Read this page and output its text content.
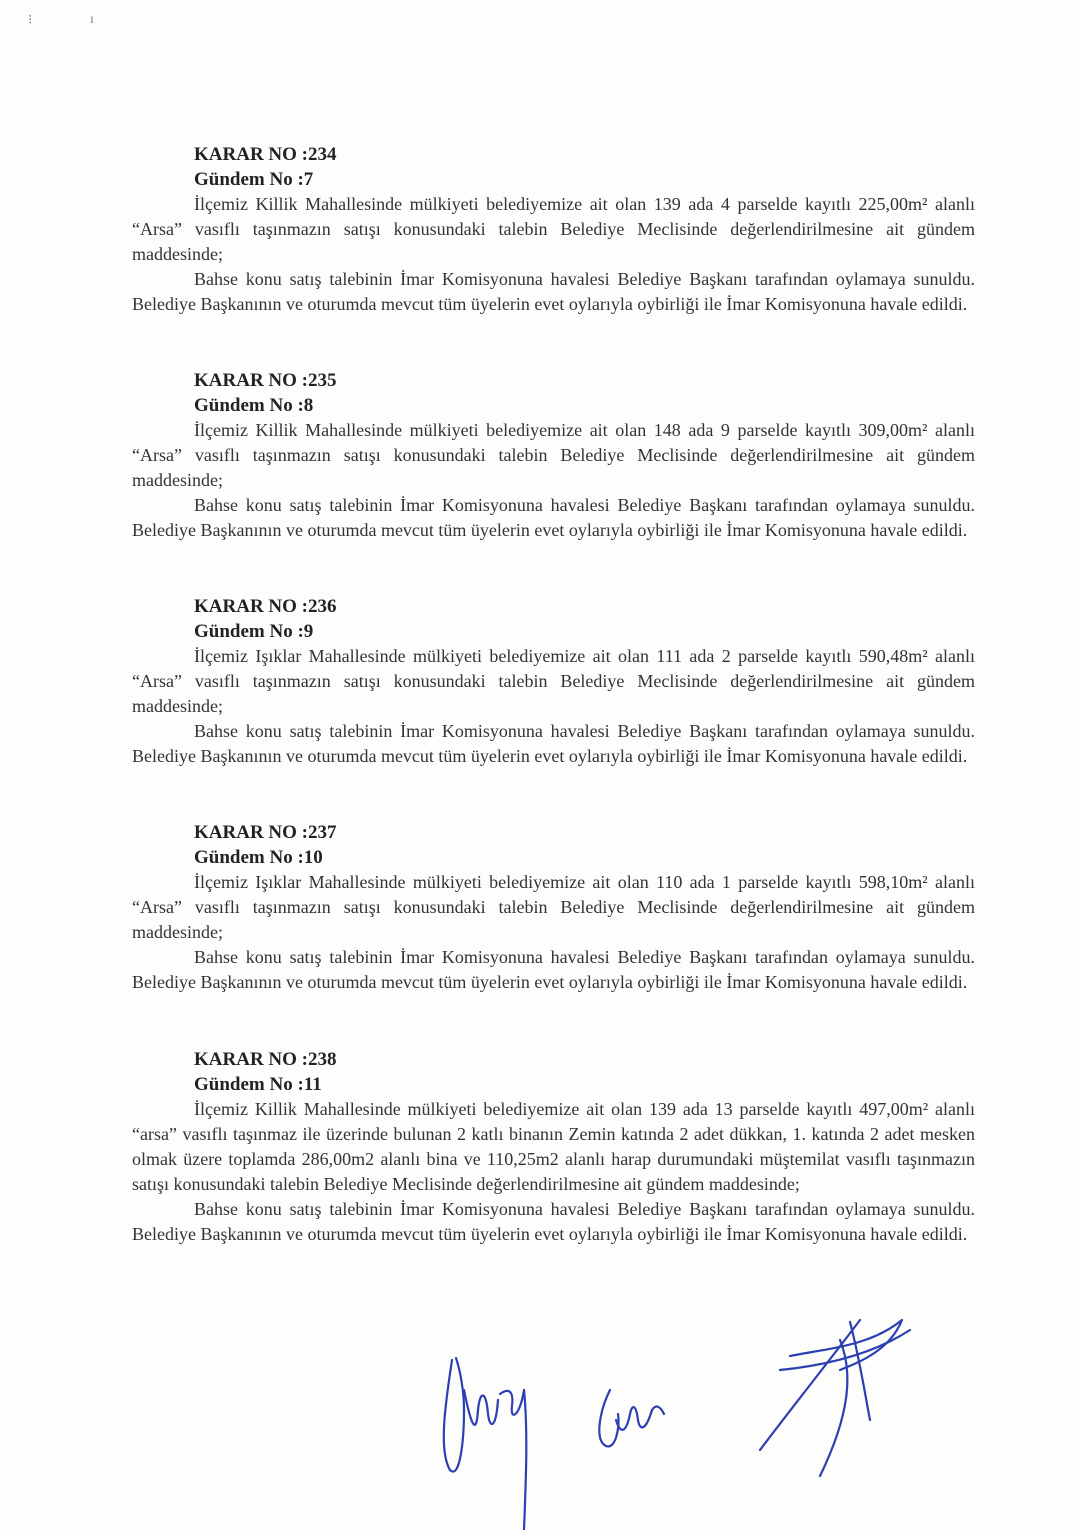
⁝	ı
KARAR NO :234
Gündem No :7

İlçemiz Killik Mahallesinde mülkiyeti belediyemize ait olan 139 ada 4 parselde kayıtlı 225,00m² alanlı “Arsa” vasıflı taşınmazın satışı konusundaki talebin Belediye Meclisinde değerlendirilmesine ait gündem maddesinde;

Bahse konu satış talebinin İmar Komisyonuna havalesi Belediye Başkanı tarafından oylamaya sunuldu. Belediye Başkanının ve oturumda mevcut tüm üyelerin evet oylarıyla oybirliği ile İmar Komisyonuna havale edildi.

KARAR NO :235
Gündem No :8

İlçemiz Killik Mahallesinde mülkiyeti belediyemize ait olan 148 ada 9 parselde kayıtlı 309,00m² alanlı “Arsa” vasıflı taşınmazın satışı konusundaki talebin Belediye Meclisinde değerlendirilmesine ait gündem maddesinde;

Bahse konu satış talebinin İmar Komisyonuna havalesi Belediye Başkanı tarafından oylamaya sunuldu. Belediye Başkanının ve oturumda mevcut tüm üyelerin evet oylarıyla oybirliği ile İmar Komisyonuna havale edildi.

KARAR NO :236
Gündem No :9

İlçemiz Işıklar Mahallesinde mülkiyeti belediyemize ait olan 111 ada 2 parselde kayıtlı 590,48m² alanlı “Arsa” vasıflı taşınmazın satışı konusundaki talebin Belediye Meclisinde değerlendirilmesine ait gündem maddesinde;

Bahse konu satış talebinin İmar Komisyonuna havalesi Belediye Başkanı tarafından oylamaya sunuldu. Belediye Başkanının ve oturumda mevcut tüm üyelerin evet oylarıyla oybirliği ile İmar Komisyonuna havale edildi.

KARAR NO :237
Gündem No :10

İlçemiz Işıklar Mahallesinde mülkiyeti belediyemize ait olan 110 ada 1 parselde kayıtlı 598,10m² alanlı “Arsa” vasıflı taşınmazın satışı konusundaki talebin Belediye Meclisinde değerlendirilmesine ait gündem maddesinde;

Bahse konu satış talebinin İmar Komisyonuna havalesi Belediye Başkanı tarafından oylamaya sunuldu. Belediye Başkanının ve oturumda mevcut tüm üyelerin evet oylarıyla oybirliği ile İmar Komisyonuna havale edildi.

KARAR NO :238
Gündem No :11

İlçemiz Killik Mahallesinde mülkiyeti belediyemize ait olan 139 ada 13 parselde kayıtlı 497,00m² alanlı “arsa” vasıflı taşınmaz ile üzerinde bulunan 2 katlı binanın Zemin katında 2 adet dükkan, 1. katında 2 adet mesken olmak üzere toplamda 286,00m2 alanlı bina ve 110,25m2 alanlı harap durumundaki müştemilat vasıflı taşınmazın satışı konusundaki talebin Belediye Meclisinde değerlendirilmesine ait gündem maddesinde;

Bahse konu satış talebinin İmar Komisyonuna havalesi Belediye Başkanı tarafından oylamaya sunuldu. Belediye Başkanının ve oturumda mevcut tüm üyelerin evet oylarıyla oybirliği ile İmar Komisyonuna havale edildi.
